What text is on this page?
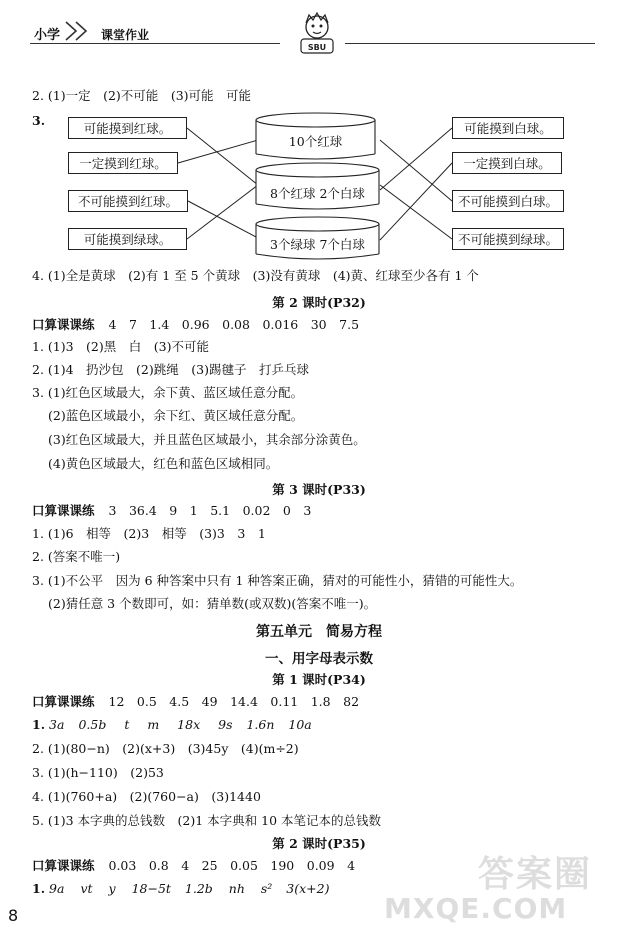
小学	课堂作业
SBU
2. (1)一定　(2)不可能　(3)可能　可能
3.
可能摸到红球。
一定摸到红球。
不可能摸到红球。
可能摸到绿球。
可能摸到白球。
一定摸到白球。
不可能摸到白球。
不可能摸到绿球。
10个红球
8个红球 2个白球
3个绿球 7个白球
4. (1)全是黄球　(2)有 1 至 5 个黄球　(3)没有黄球　(4)黄、红球至少各有 1 个
第 2 课时(P32)
口算课课练 4　7　1.4　0.96　0.08　0.016　30　7.5
1. (1)3　(2)黑　白　(3)不可能
2. (1)4　扔沙包　(2)跳绳　(3)踢毽子　打乒乓球
3. (1)红色区域最大，余下黄、蓝区域任意分配。
(2)蓝色区域最小，余下红、黄区域任意分配。
(3)红色区域最大，并且蓝色区域最小，其余部分涂黄色。
(4)黄色区域最大，红色和蓝色区域相同。
第 3 课时(P33)
口算课课练 3　36.4　9　1　5.1　0.02　0　3
1. (1)6　相等　(2)3　相等　(3)3　3　1
2. (答案不唯一)
3. (1)不公平　因为 6 种答案中只有 1 种答案正确，猜对的可能性小，猜错的可能性大。
(2)猜任意 3 个数即可，如：猜单数(或双数)(答案不唯一)。
第五单元　简易方程
一、用字母表示数
第 1 课时(P34)
口算课课练 12　0.5　4.5　49　14.4　0.11　1.8　82
1. 3a 0.5b t m 18x 9s 1.6n 10a
2. (1)(80−n)　(2)(x+3)　(3)45y　(4)(m÷2)
3. (1)(h−110)　(2)53
4. (1)(760+a)　(2)(760−a)　(3)1440
5. (1)3 本字典的总钱数　(2)1 本字典和 10 本笔记本的总钱数
第 2 课时(P35)
口算课课练 0.03　0.8　4　25　0.05　190　0.09　4
1. 9a vt y 18−5t 1.2b nh s² 3(x+2)
8
答案圈
MXQE.COM
